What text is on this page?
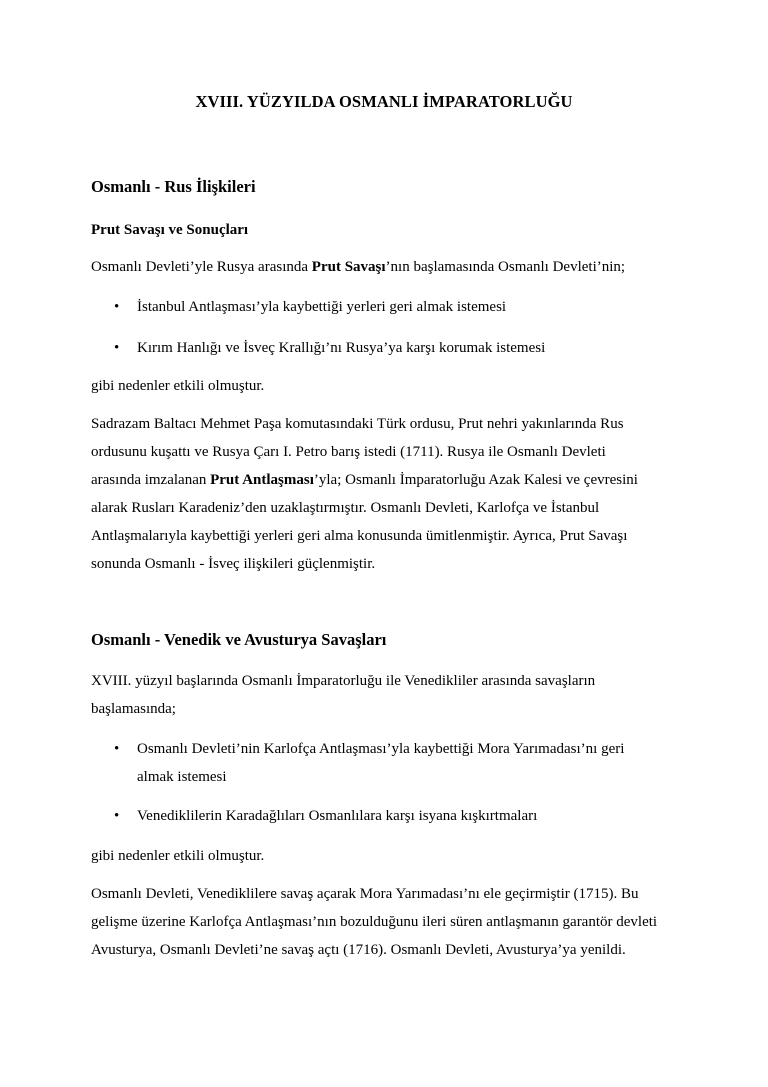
XVIII. YÜZYILDA OSMANLI İMPARATORLUĞU
Osmanlı - Rus İlişkileri
Prut Savaşı ve Sonuçları
Osmanlı Devleti’yle Rusya arasında Prut Savaşı’nın başlamasında Osmanlı Devleti’nin;
• İstanbul Antlaşması’yla kaybettiği yerleri geri almak istemesi
• Kırım Hanlığı ve İsveç Krallığı’nı Rusya’ya karşı korumak istemesi
gibi nedenler etkili olmuştur.
Sadrazam Baltacı Mehmet Paşa komutasındaki Türk ordusu, Prut nehri yakınlarında Rus
ordusunu kuşattı ve Rusya Çarı I. Petro barış istedi (1711). Rusya ile Osmanlı Devleti
arasında imzalanan Prut Antlaşması’yla; Osmanlı İmparatorluğu Azak Kalesi ve çevresini
alarak Rusları Karadeniz’den uzaklaştırmıştır. Osmanlı Devleti, Karlofça ve İstanbul
Antlaşmalarıyla kaybettiği yerleri geri alma konusunda ümitlenmiştir. Ayrıca, Prut Savaşı
sonunda Osmanlı - İsveç ilişkileri güçlenmiştir.
Osmanlı - Venedik ve Avusturya Savaşları
XVIII. yüzyıl başlarında Osmanlı İmparatorluğu ile Venedikliler arasında savaşların
başlamasında;
• Osmanlı Devleti’nin Karlofça Antlaşması’yla kaybettiği Mora Yarımadası’nı geri
almak istemesi
• Venediklilerin Karadağlıları Osmanlılara karşı isyana kışkırtmaları
gibi nedenler etkili olmuştur.
Osmanlı Devleti, Venediklilere savaş açarak Mora Yarımadası’nı ele geçirmiştir (1715). Bu
gelişme üzerine Karlofça Antlaşması’nın bozulduğunu ileri süren antlaşmanın garantör devleti
Avusturya, Osmanlı Devleti’ne savaş açtı (1716). Osmanlı Devleti, Avusturya’ya yenildi.
